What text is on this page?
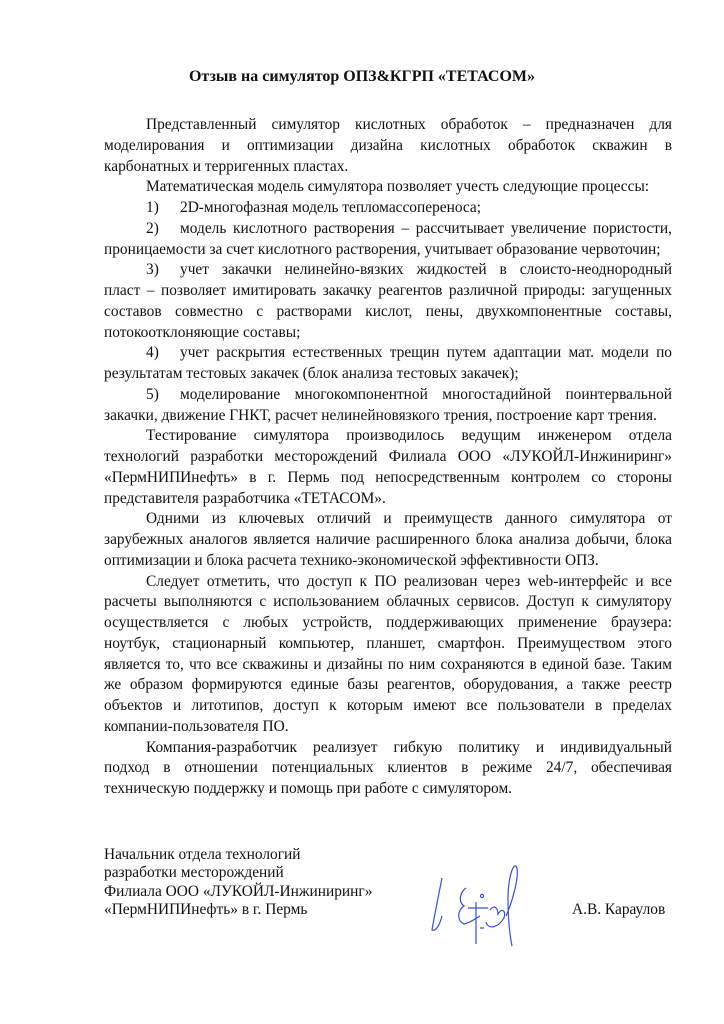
Отзыв на симулятор ОПЗ&КГРП «ТЕТАСОМ»
Представленный симулятор кислотных обработок – предназначен для
моделирования и оптимизации дизайна кислотных обработок скважин в
карбонатных и терригенных пластах.
Математическая модель симулятора позволяет учесть следующие процессы:
1) 2D-многофазная модель тепломассопереноса;
2) модель кислотного растворения – рассчитывает увеличение пористости,
проницаемости за счет кислотного растворения, учитывает образование червоточин;
3) учет закачки нелинейно-вязких жидкостей в слоисто-неоднородный
пласт – позволяет имитировать закачку реагентов различной природы: загущенных
составов совместно с растворами кислот, пены, двухкомпонентные составы,
потокоотклоняющие составы;
4) учет раскрытия естественных трещин путем адаптации мат. модели по
результатам тестовых закачек (блок анализа тестовых закачек);
5) моделирование многокомпонентной многостадийной поинтервальной
закачки, движение ГНКТ, расчет нелинейновязкого трения, построение карт трения.
Тестирование симулятора производилось ведущим инженером отдела
технологий разработки месторождений Филиала ООО «ЛУКОЙЛ-Инжиниринг»
«ПермНИПИнефть» в г. Пермь под непосредственным контролем со стороны
представителя разработчика «ТЕТАСОМ».
Одними из ключевых отличий и преимуществ данного симулятора от
зарубежных аналогов является наличие расширенного блока анализа добычи, блока
оптимизации и блока расчета технико-экономической эффективности ОПЗ.
Следует отметить, что доступ к ПО реализован через web-интерфейс и все
расчеты выполняются с использованием облачных сервисов. Доступ к симулятору
осуществляется с любых устройств, поддерживающих применение браузера:
ноутбук, стационарный компьютер, планшет, смартфон. Преимуществом этого
является то, что все скважины и дизайны по ним сохраняются в единой базе. Таким
же образом формируются единые базы реагентов, оборудования, а также реестр
объектов и литотипов, доступ к которым имеют все пользователи в пределах
компании-пользователя ПО.
Компания-разработчик реализует гибкую политику и индивидуальный
подход в отношении потенциальных клиентов в режиме 24/7, обеспечивая
техническую поддержку и помощь при работе с симулятором.
Начальник отдела технологий
разработки месторождений
Филиала ООО «ЛУКОЙЛ-Инжиниринг»
«ПермНИПИнефть» в г. Пермь	А.В. Караулов
